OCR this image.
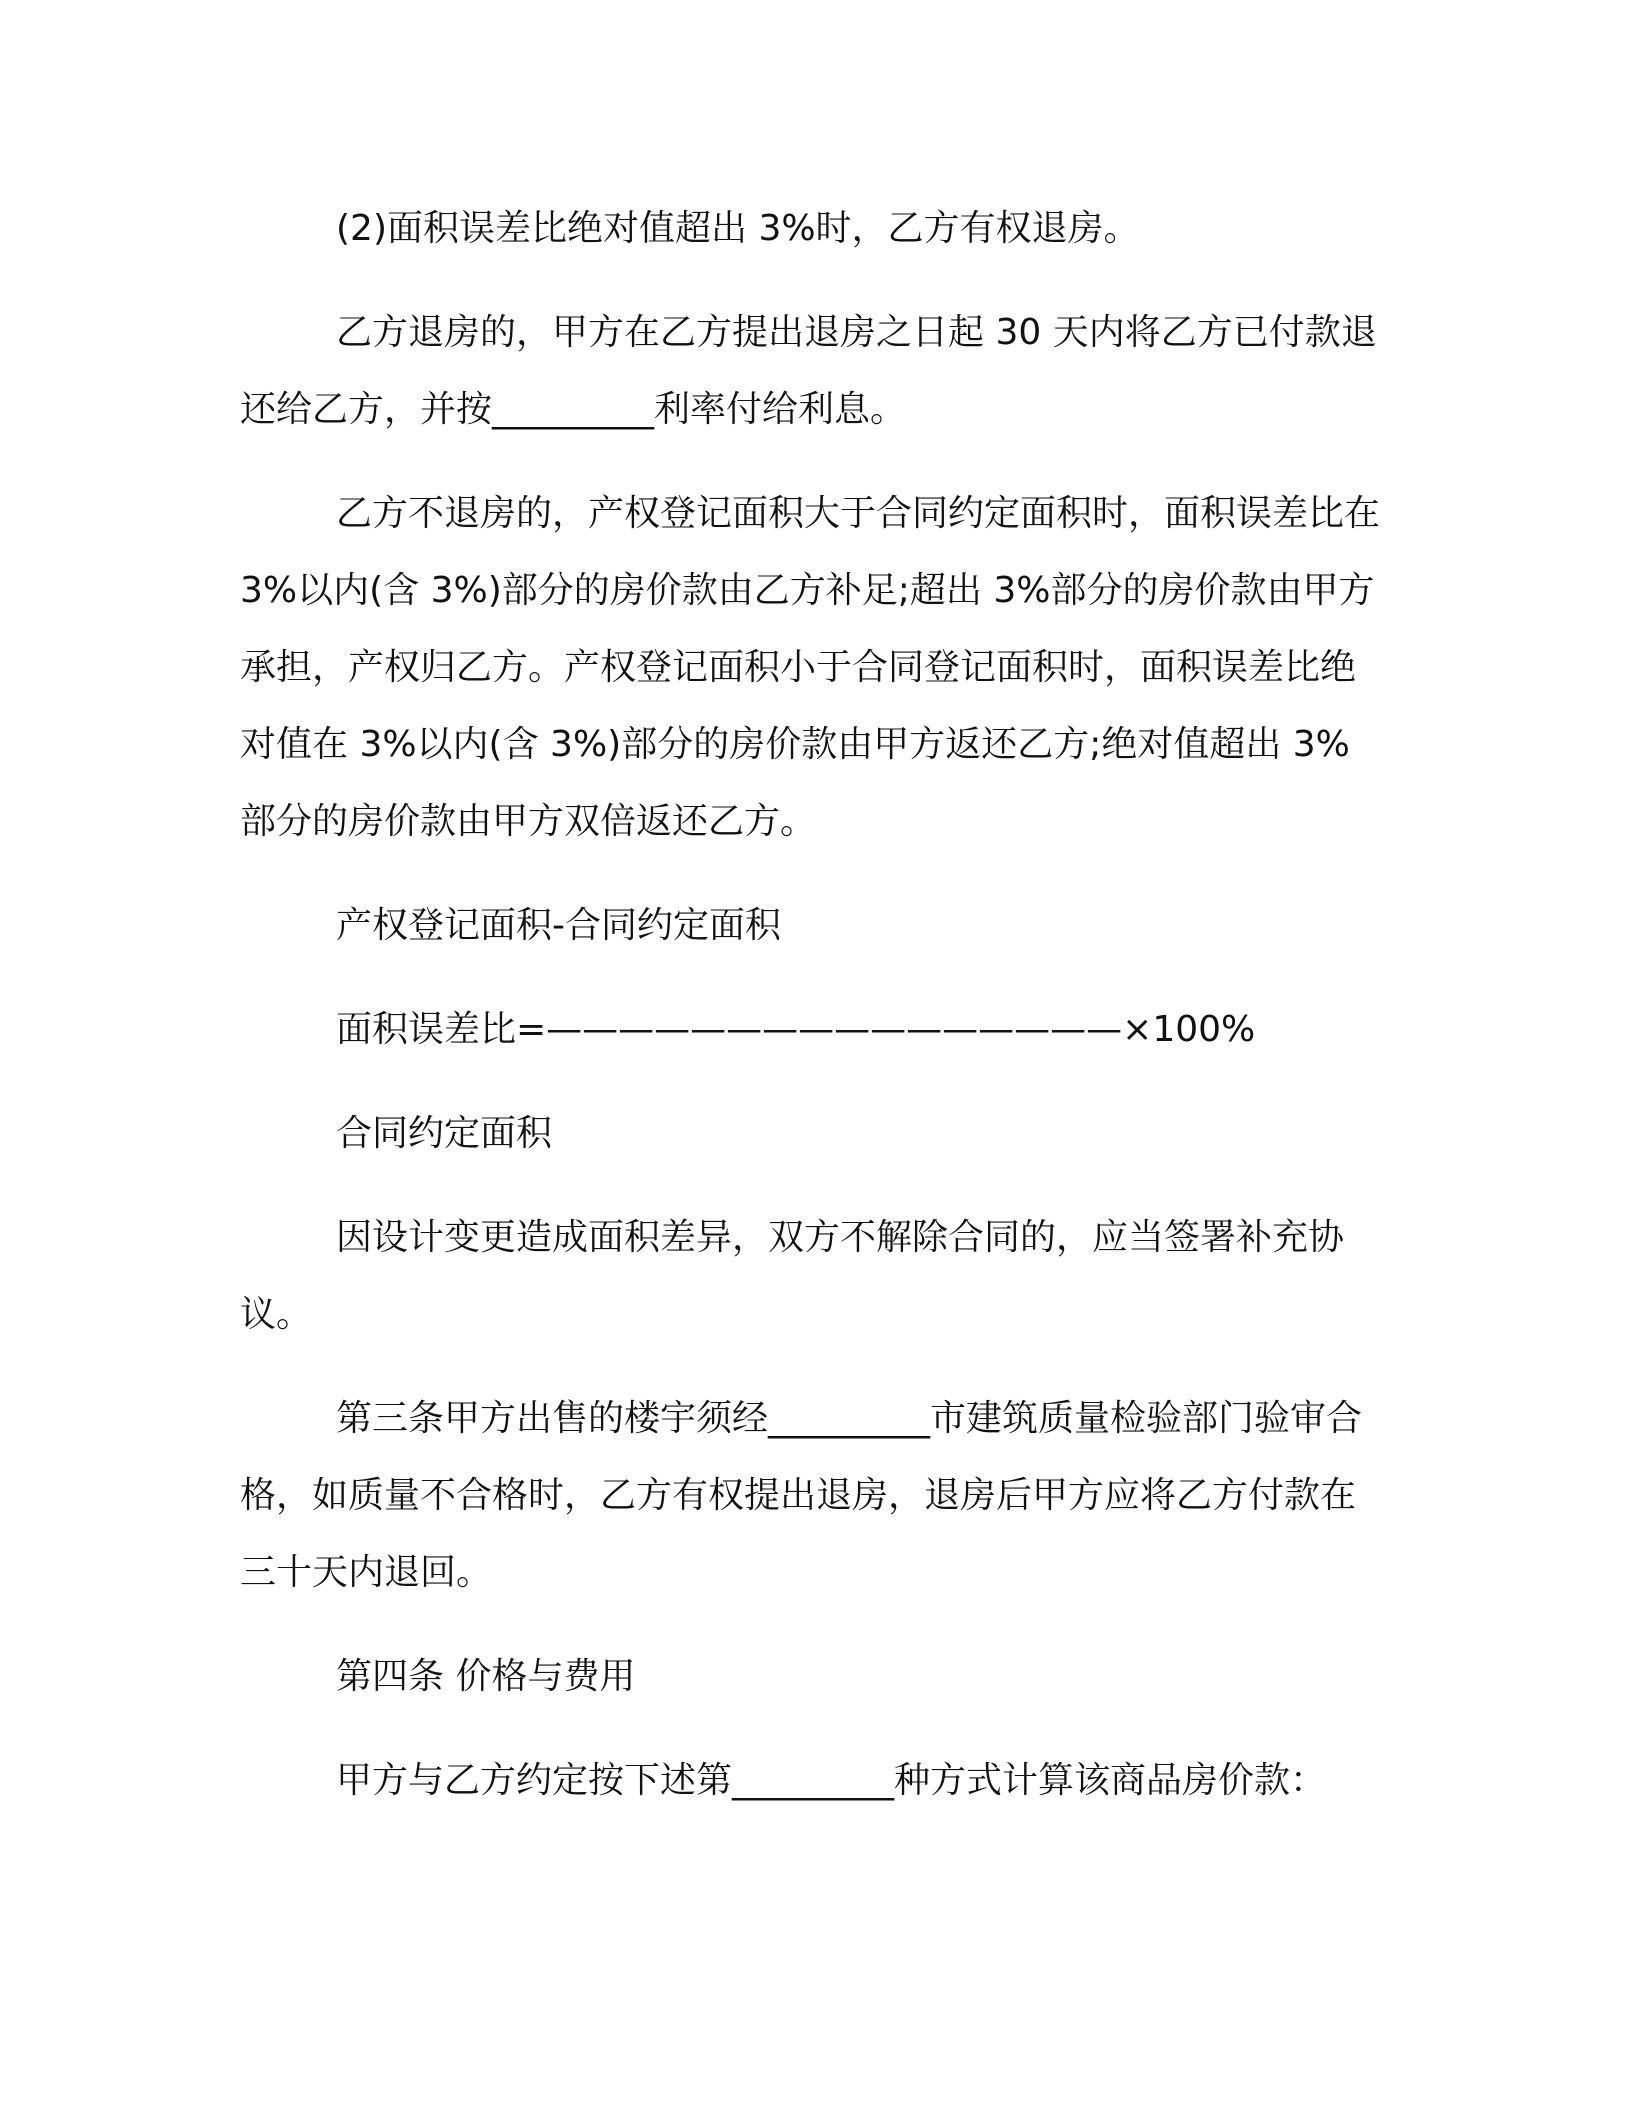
(2)面积误差比绝对值超出 3%时，乙方有权退房。

乙方退房的，甲方在乙方提出退房之日起 30 天内将乙方已付款退还给乙方，并按_________利率付给利息。

乙方不退房的，产权登记面积大于合同约定面积时，面积误差比在 3%以内(含 3%)部分的房价款由乙方补足;超出 3%部分的房价款由甲方承担，产权归乙方。产权登记面积小于合同登记面积时，面积误差比绝对值在 3%以内(含 3%)部分的房价款由甲方返还乙方;绝对值超出 3%部分的房价款由甲方双倍返还乙方。

产权登记面积-合同约定面积

面积误差比=————————————————×100%

合同约定面积

因设计变更造成面积差异，双方不解除合同的，应当签署补充协议。

第三条甲方出售的楼宇须经_________市建筑质量检验部门验审合格，如质量不合格时，乙方有权提出退房，退房后甲方应将乙方付款在三十天内退回。

第四条 价格与费用

甲方与乙方约定按下述第_________种方式计算该商品房价款：
